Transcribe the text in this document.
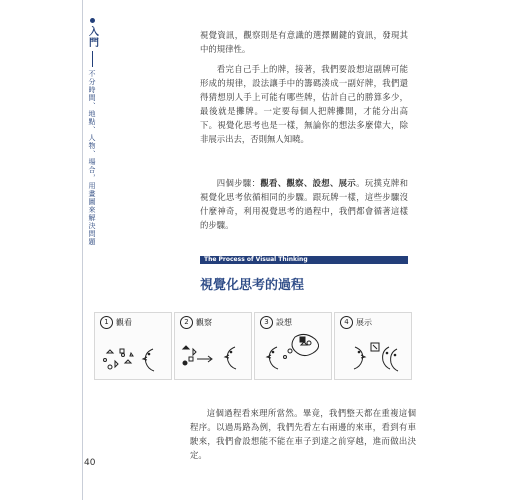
入門
不分時間、地點、人物、場合，用畫圖來解決問題

視覺資訊，觀察則是有意識的選擇關鍵的資訊，發現其中的規律性。

看完自己手上的牌，接著，我們要設想這副牌可能形成的規律，設法讓手中的籌碼湊成一副好牌，我們還得猜想別人手上可能有哪些牌，估計自己的勝算多少，最後就是攤牌。一定要每個人把牌攤開，才能分出高下。視覺化思考也是一樣，無論你的想法多麼偉大，除非展示出去，否則無人知曉。

四個步驟：觀看、觀察、設想、展示。玩撲克牌和視覺化思考依循相同的步驟。跟玩牌一樣，這些步驟沒什麼神奇，利用視覺思考的過程中，我們都會循著這樣的步驟。

The Process of Visual Thinking
視覺化思考的過程
1 觀看	2 觀察	3 設想	4 展示

這個過程看來理所當然。畢竟，我們整天都在重複這個程序。以過馬路為例，我們先看左右兩邊的來車，看到有車駛來，我們會設想能不能在車子到達之前穿越，進而做出決定。

40
